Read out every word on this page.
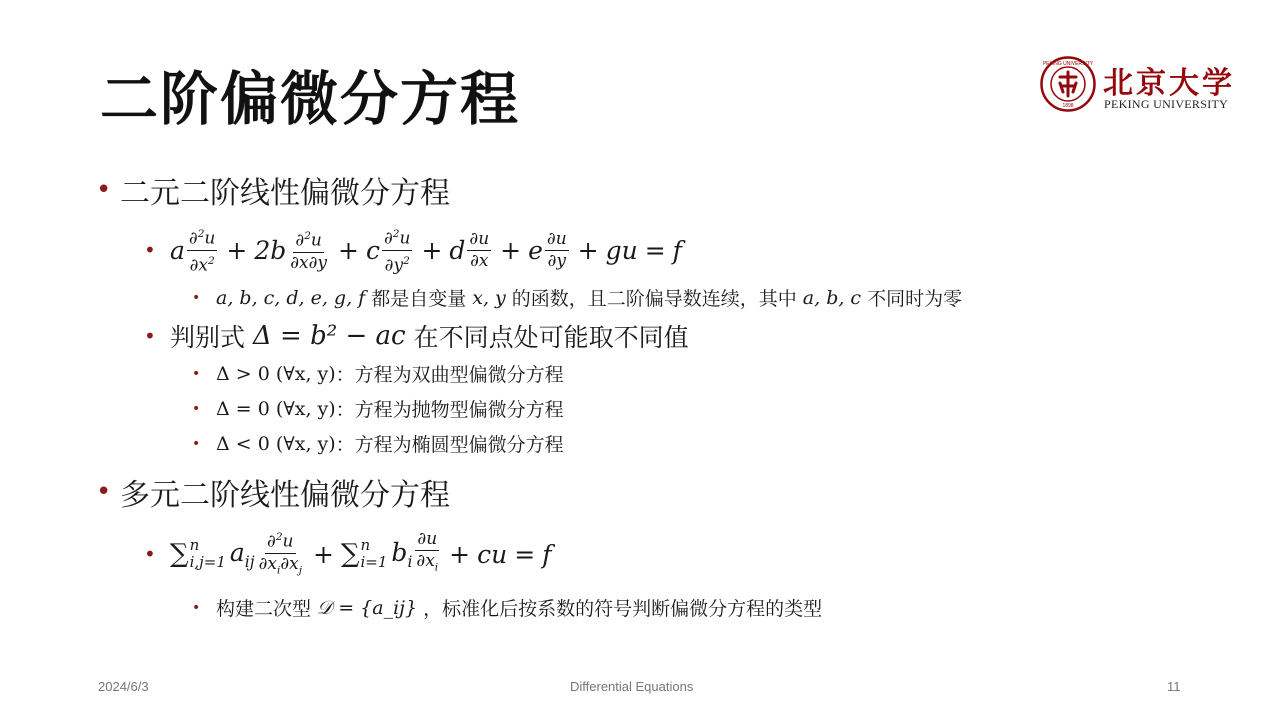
二阶偏微分方程
PEKING UNIVERSITY
1898
北京大学
PEKING UNIVERSITY
• 二元二阶线性偏微分方程
• a $\frac{\partial^2u}{\partial x^2} + 2b \frac{\partial^2u}{\partial x\partial y} + c \frac{\partial^2u}{\partial y^2} + d \frac{\partial u}{\partial x} + e \frac{\partial u}{\partial y}$ + gu = f
• a, b, c, d, e, g, f 都是自变量 x, y 的函数，且二阶偏导数连续，其中 a, b, c 不同时为零
• 判别式 Δ = b² − ac 在不同点处可能取不同值
• Δ > 0 (∀x, y) ：方程为双曲型偏微分方程
• Δ = 0 (∀x, y) ：方程为抛物型偏微分方程
• Δ < 0 (∀x, y) ：方程为椭圆型偏微分方程
• 多元二阶线性偏微分方程
• ∑ n
i,j=1 $a_{ij} \frac{\partial^2u}{\partial x_i\partial x_j}$ + ∑ n
i=1 $b_i \frac{\partial u}{\partial x_i}$ + cu = f
• 构建二次型 𝒟 = {a_ij} ，标准化后按系数的符号判断偏微分方程的类型
2024/6/3	Differential Equations	11
